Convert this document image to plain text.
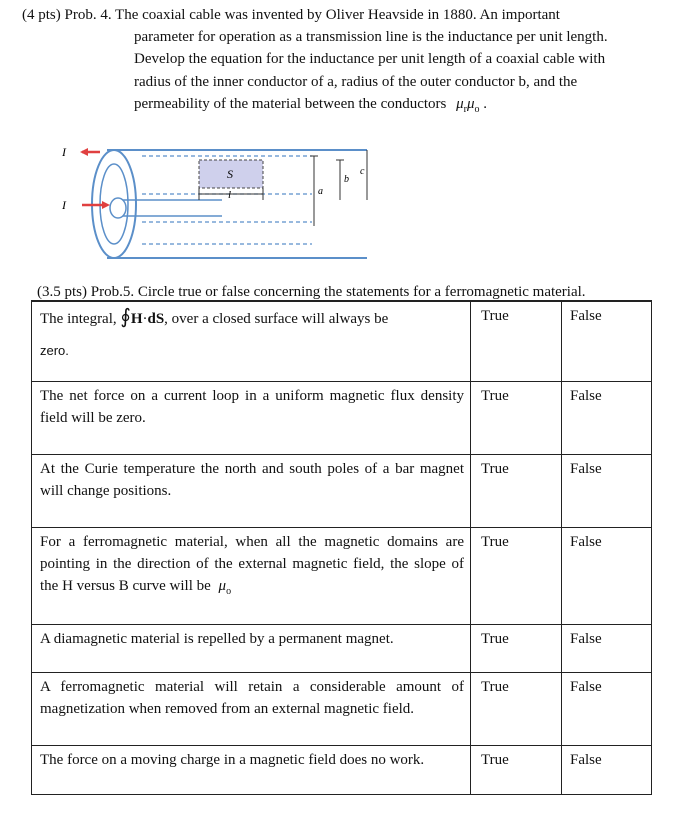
(4 pts) Prob. 4. The coaxial cable was invented by Oliver Heavside in 1880. An important
parameter for operation as a transmission line is the inductance per unit length.
Develop the equation for the inductance per unit length of a coaxial cable with
radius of the inner conductor of a, radius of the outer conductor b, and the
permeability of the material between the conductors $\mu_r\mu_o$ .
S
l
I
I
a
b
c
(3.5 pts) Prob.5. Circle true or false concerning the statements for a ferromagnetic material.
The integral, ∮H·dS, over a closed surface will always be
zero.	True	False
The net force on a current loop in a uniform magnetic flux density field will be zero.	True	False
At the Curie temperature the north and south poles of a bar magnet will change positions.	True	False
For a ferromagnetic material, when all the magnetic domains are pointing in the direction of the external magnetic field, the slope of the H versus B curve will be $\mu_o$	True	False
A diamagnetic material is repelled by a permanent magnet.	True	False
A ferromagnetic material will retain a considerable amount of magnetization when removed from an external magnetic field.	True	False
The force on a moving charge in a magnetic field does no work.	True	False
